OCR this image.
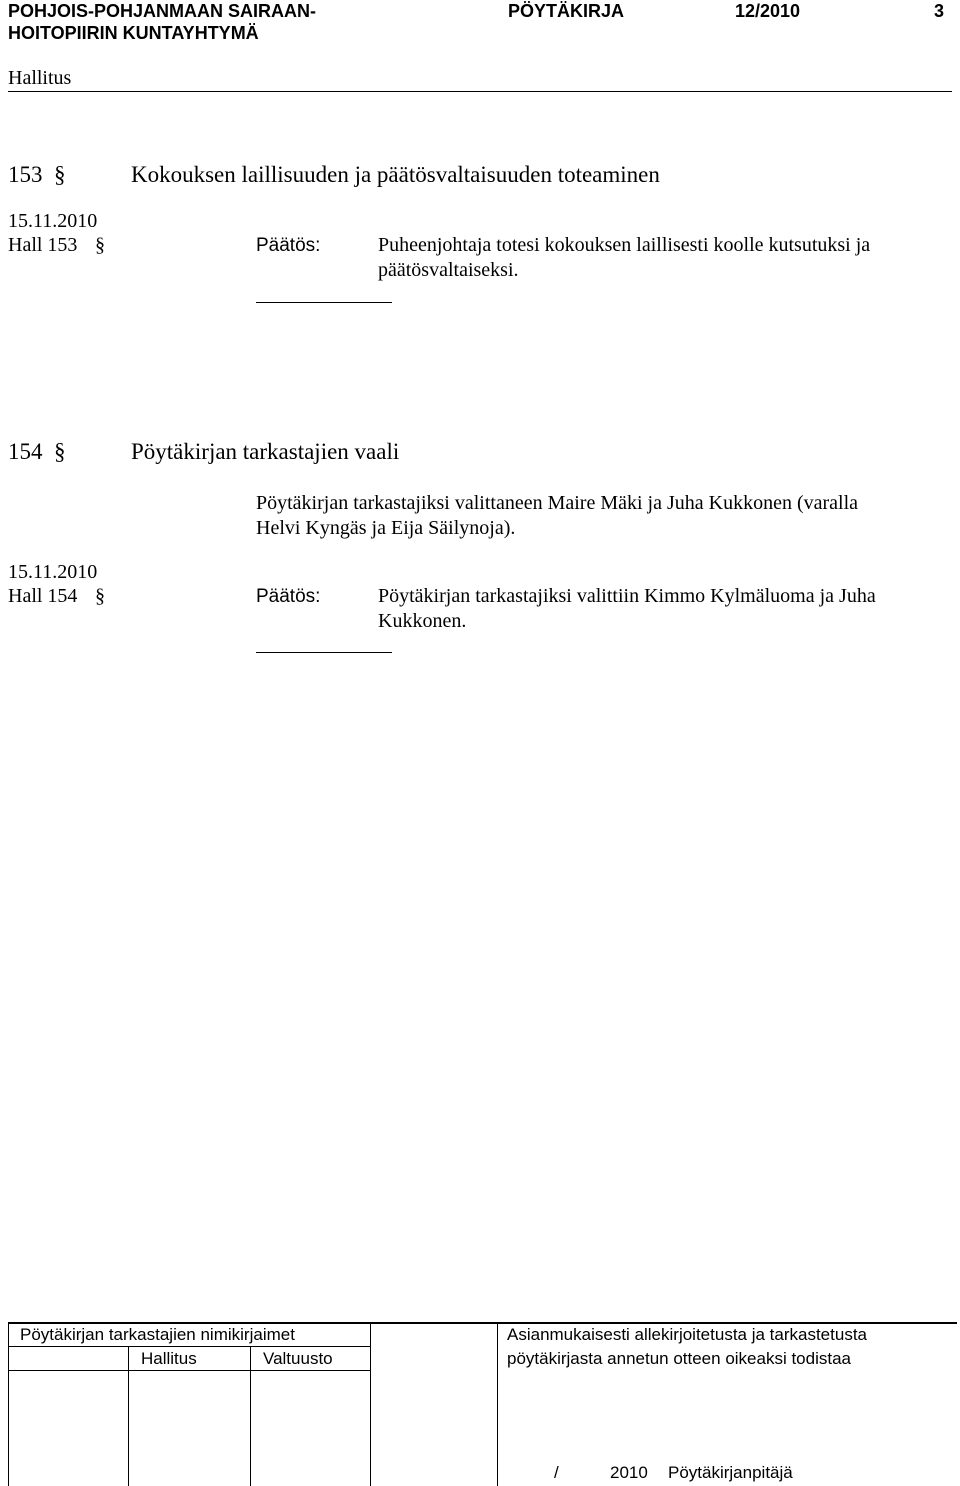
POHJOIS-POHJANMAAN SAIRAAN-
HOITOPIIRIN KUNTAYHTYMÄ
PÖYTÄKIRJA	12/2010	3
Hallitus
153 §	Kokouksen laillisuuden ja päätösvaltaisuuden toteaminen
15.11.2010
Hall 153 §	Päätös:	Puheenjohtaja totesi kokouksen laillisesti koolle kutsutuksi ja
päätösvaltaiseksi.
154 §	Pöytäkirjan tarkastajien vaali
Pöytäkirjan tarkastajiksi valittaneen Maire Mäki ja Juha Kukkonen (varalla
Helvi Kyngäs ja Eija Säilynoja).
15.11.2010
Hall 154 §	Päätös:	Pöytäkirjan tarkastajiksi valittiin Kimmo Kylmäluoma ja Juha
Kukkonen.
Pöytäkirjan tarkastajien nimikirjaimet
Hallitus	Valtuusto
Asianmukaisesti allekirjoitetusta ja tarkastetusta
pöytäkirjasta annetun otteen oikeaksi todistaa
/	2010 Pöytäkirjanpitäjä
